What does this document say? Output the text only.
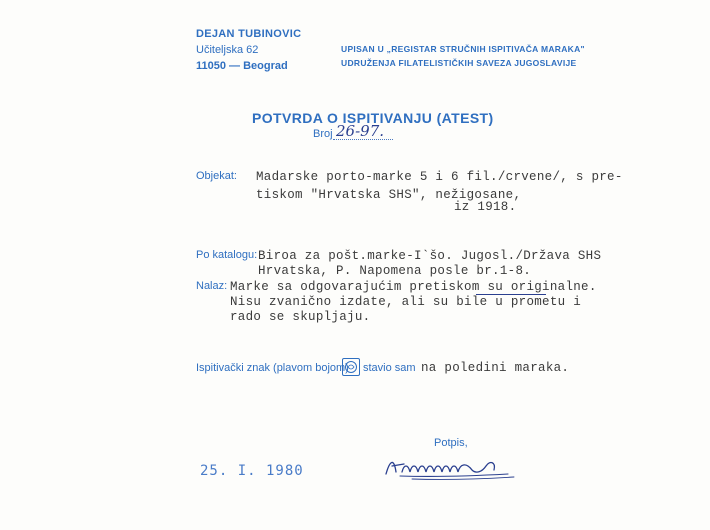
DEJAN TUBINOVIC
Učiteljska 62
11050 — Beograd
UPISAN U „REGISTAR STRUČNIH ISPITIVAČA MARAKA"
UDRUŽENJA FILATELISTIČKIH SAVEZA JUGOSLAVIJE
POTVRDA O ISPITIVANJU (ATEST)
Broj 26-97.
Objekat: Madarske porto-marke 5 i 6 fil./crvene/, s pre-
tiskom "Hrvatska SHS", nežigosane,
iz 1918.
Po katalogu: Biroa za pošt.marke-I`šo. Jugosl./Država SHS
Hrvatska, P. Napomena posle br.1-8.
Nalaz: Marke sa odgovarajućim pretiskom su originalne.
Nisu zvanično izdate, ali su bile u prometu i
rado se skupljaju.
Ispitivački znak (plavom bojom) stavio sam na poledini maraka.
Potpis,
25. I. 1980
